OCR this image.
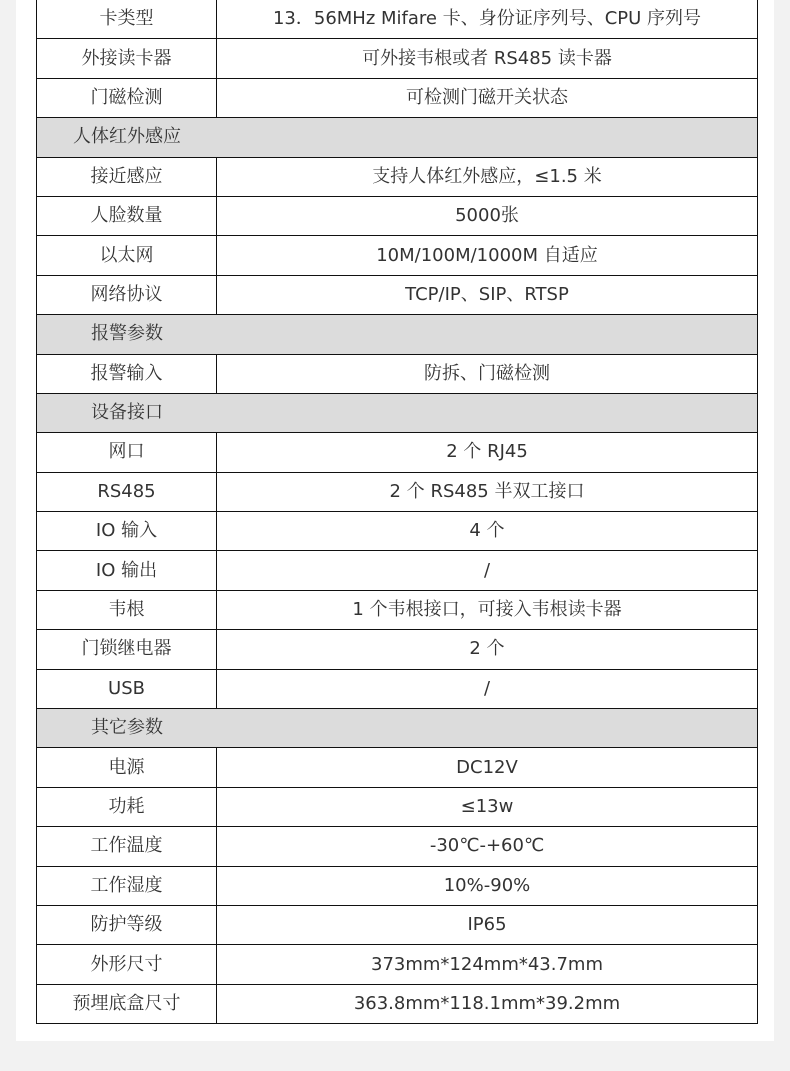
卡类型	13．56MHz Mifare 卡、身份证序列号、CPU 序列号
外接读卡器	可外接韦根或者 RS485 读卡器
门磁检测	可检测门磁开关状态
人体红外感应	
接近感应	支持人体红外感应，≤1.5 米
人脸数量	5000张
以太网	10M/100M/1000M 自适应
网络协议	TCP/IP、SIP、RTSP
报警参数	
报警输入	防拆、门磁检测
设备接口	
网口	2 个 RJ45
RS485	2 个 RS485 半双工接口
IO 输入	4 个
IO 输出	/
韦根	1 个韦根接口，可接入韦根读卡器
门锁继电器	2 个
USB	/
其它参数	
电源	DC12V
功耗	≤13w
工作温度	-30℃-+60℃
工作湿度	10%-90%
防护等级	IP65
外形尺寸	373mm*124mm*43.7mm
预埋底盒尺寸	363.8mm*118.1mm*39.2mm
